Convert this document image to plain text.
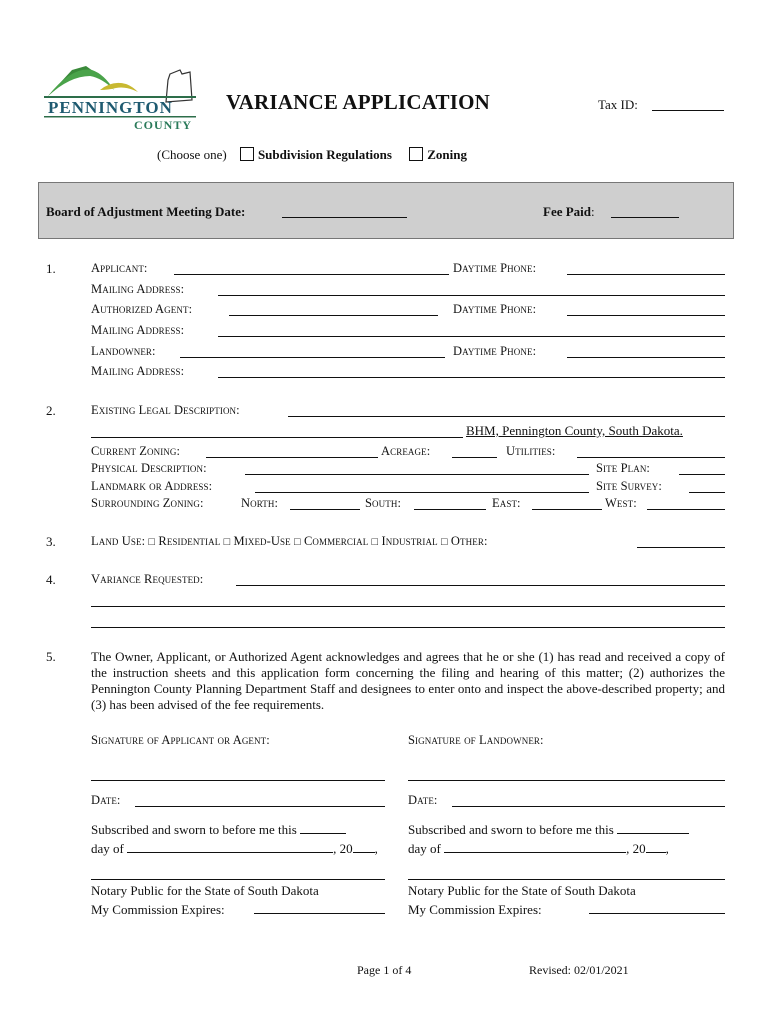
PENNINGTON
COUNTY
VARIANCE APPLICATION	Tax ID:
(Choose one) Subdivision Regulations	Zoning
Board of Adjustment Meeting Date:	Fee Paid:
1.	Applicant:	Daytime Phone:
Mailing Address:
Authorized Agent:	Daytime Phone:
Mailing Address:
Landowner:	Daytime Phone:
Mailing Address:
2.	Existing Legal Description:
BHM, Pennington County, South Dakota.
Current Zoning:	Acreage:	Utilities:
Physical Description:	Site Plan:
Landmark or Address:	Site Survey:
Surrounding Zoning:	North:	South:	East:	West:
3.	Land Use: □ Residential □ Mixed-Use □ Commercial □ Industrial □ Other:
4.	Variance Requested:
5.	The Owner, Applicant, or Authorized Agent acknowledges and agrees that he or she (1) has read and received a copy of the instruction sheets and this application form concerning the filing and hearing of this matter; (2) authorizes the Pennington County Planning Department Staff and designees to enter onto and inspect the above-described property; and (3) has been advised of the fee requirements.
Signature of Applicant or Agent:	Signature of Landowner:
Date:	Date:
Subscribed and sworn to before me this
day of	, 20 ,
Subscribed and sworn to before me this
day of	, 20 ,
Notary Public for the State of South Dakota
My Commission Expires:
Notary Public for the State of South Dakota
My Commission Expires:
Page 1 of 4	Revised: 02/01/2021
